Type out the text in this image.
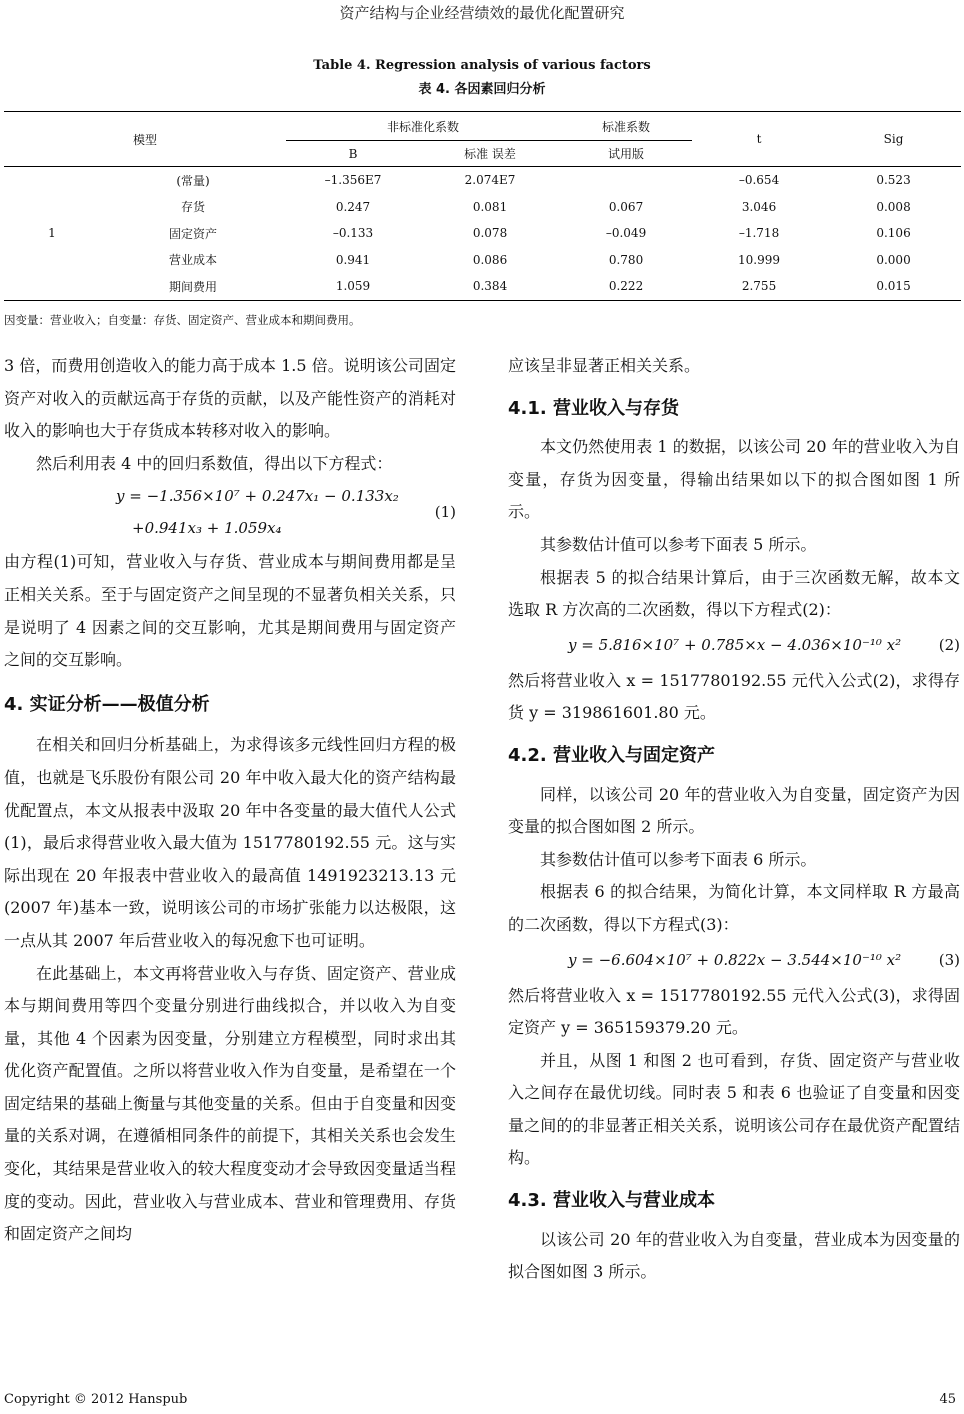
资产结构与企业经营绩效的最优化配置研究
Table 4. Regression analysis of various factors
表 4. 各因素回归分析
模型		非标准化系数		标准系数	t	Sig
		B	标准 误差	试用版		
1	(常量)	–1.356E7	2.074E7		–0.654	0.523
	存货	0.247	0.081	0.067	3.046	0.008
	固定资产	–0.133	0.078	–0.049	–1.718	0.106
	营业成本	0.941	0.086	0.780	10.999	0.000
	期间费用	1.059	0.384	0.222	2.755	0.015
因变量：营业收入；自变量：存货、固定资产、营业成本和期间费用。

3 倍，而费用创造收入的能力高于成本 1.5 倍。说明该公司固定资产对收入的贡献远高于存货的贡献，以及产能性资产的消耗对收入的影响也大于存货成本转移对收入的影响。

然后利用表 4 中的回归系数值，得出以下方程式：

y = −1.356×10⁷ + 0.247x₁ − 0.133x₂
+0.941x₃ + 1.059x₄
(1)

由方程(1)可知，营业收入与存货、营业成本与期间费用都是呈正相关关系。至于与固定资产之间呈现的不显著负相关关系，只是说明了 4 因素之间的交互影响，尤其是期间费用与固定资产之间的交互影响。

4. 实证分析——极值分析

在相关和回归分析基础上，为求得该多元线性回归方程的极值，也就是飞乐股份有限公司 20 年中收入最大化的资产结构最优配置点，本文从报表中汲取 20 年中各变量的最大值代人公式(1)，最后求得营业收入最大值为 1517780192.55 元。这与实际出现在 20 年报表中营业收入的最高值 1491923213.13 元(2007 年)基本一致，说明该公司的市场扩张能力以达极限，这一点从其 2007 年后营业收入的每况愈下也可证明。

在此基础上，本文再将营业收入与存货、固定资产、营业成本与期间费用等四个变量分别进行曲线拟合，并以收入为自变量，其他 4 个因素为因变量，分别建立方程模型，同时求出其优化资产配置值。之所以将营业收入作为自变量，是希望在一个固定结果的基础上衡量与其他变量的关系。但由于自变量和因变量的关系对调，在遵循相同条件的前提下，其相关关系也会发生变化，其结果是营业收入的较大程度变动才会导致因变量适当程度的变动。因此，营业收入与营业成本、营业和管理费用、存货和固定资产之间均

应该呈非显著正相关关系。

4.1. 营业收入与存货

本文仍然使用表 1 的数据，以该公司 20 年的营业收入为自变量，存货为因变量，得输出结果如以下的拟合图如图 1 所示。

其参数估计值可以参考下面表 5 所示。

根据表 5 的拟合结果计算后，由于三次函数无解，故本文选取 R 方次高的二次函数，得以下方程式(2)：

y = 5.816×10⁷ + 0.785×x − 4.036×10⁻¹⁰ x²	(2)

然后将营业收入 x = 1517780192.55 元代入公式(2)，求得存货 y = 319861601.80 元。

4.2. 营业收入与固定资产

同样，以该公司 20 年的营业收入为自变量，固定资产为因变量的拟合图如图 2 所示。

其参数估计值可以参考下面表 6 所示。

根据表 6 的拟合结果，为简化计算，本文同样取 R 方最高的二次函数，得以下方程式(3)：

y = −6.604×10⁷ + 0.822x − 3.544×10⁻¹⁰ x²	(3)

然后将营业收入 x = 1517780192.55 元代入公式(3)，求得固定资产 y = 365159379.20 元。

并且，从图 1 和图 2 也可看到，存货、固定资产与营业收入之间存在最优切线。同时表 5 和表 6 也验证了自变量和因变量之间的的非显著正相关关系，说明该公司存在最优资产配置结构。

4.3. 营业收入与营业成本

以该公司 20 年的营业收入为自变量，营业成本为因变量的拟合图如图 3 所示。

Copyright © 2012 Hanspub	45
